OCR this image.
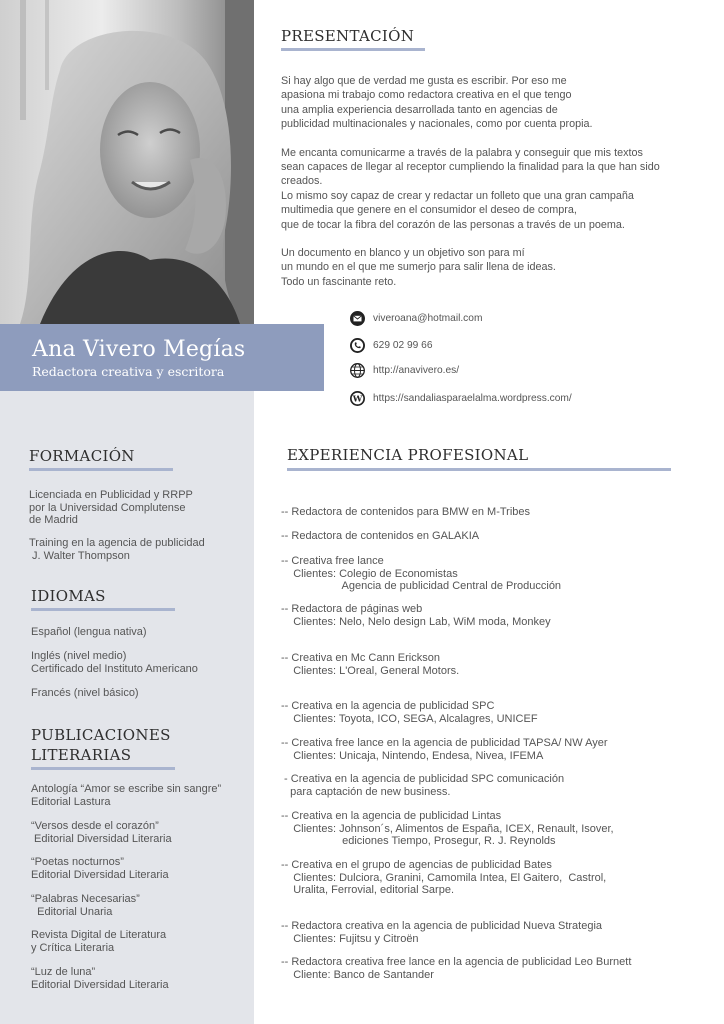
Ana Vivero Megías
Redactora creativa y escritora
PRESENTACIÓN

Si hay algo que de verdad me gusta es escribir. Por eso me
apasiona mi trabajo como redactora creativa en el que tengo
una amplia experiencia desarrollada tanto en agencias de
publicidad multinacionales y nacionales, como por cuenta propia.

Me encanta comunicarme a través de la palabra y conseguir que mis textos
sean capaces de llegar al receptor cumpliendo la finalidad para la que han sido
creados.
Lo mismo soy capaz de crear y redactar un folleto que una gran campaña
multimedia que genere en el consumidor el deseo de compra,
que de tocar la fibra del corazón de las personas a través de un poema.

Un documento en blanco y un objetivo son para mí
un mundo en el que me sumerjo para salir llena de ideas.
Todo un fascinante reto.

viveroana@hotmail.com
629 02 99 66
http://anavivero.es/
W https://sandaliasparaelalma.wordpress.com/
FORMACIÓN
Licenciada en Publicidad y RRPP
por la Universidad Complutense
de Madrid
Training en la agencia de publicidad
J. Walter Thompson
IDIOMAS
Español (lengua nativa)
Inglés (nivel medio)
Certificado del Instituto Americano
Francés (nivel básico)
PUBLICACIONES
LITERARIAS
Antología “Amor se escribe sin sangre”
Editorial Lastura
“Versos desde el corazón”
Editorial Diversidad Literaria
“Poetas nocturnos”
Editorial Diversidad Literaria
“Palabras Necesarias”
Editorial Unaria
Revista Digital de Literatura
y Crítica Literaria
“Luz de luna”
Editorial Diversidad Literaria
EXPERIENCIA PROFESIONAL
-- Redactora de contenidos para BMW en M-Tribes
-- Redactora de contenidos en GALAKIA
-- Creativa free lance
Clientes: Colegio de Economistas
Agencia de publicidad Central de Producción
-- Redactora de páginas web
Clientes: Nelo, Nelo design Lab, WiM moda, Monkey
-- Creativa en Mc Cann Erickson
Clientes: L'Oreal, General Motors.
-- Creativa en la agencia de publicidad SPC
Clientes: Toyota, ICO, SEGA, Alcalagres, UNICEF
-- Creativa free lance en la agencia de publicidad TAPSA/ NW Ayer
Clientes: Unicaja, Nintendo, Endesa, Nivea, IFEMA
- Creativa en la agencia de publicidad SPC comunicación
para captación de new business.
-- Creativa en la agencia de publicidad Lintas
Clientes: Johnson´s, Alimentos de España, ICEX, Renault, Isover,
ediciones Tiempo, Prosegur, R. J. Reynolds
-- Creativa en el grupo de agencias de publicidad Bates
Clientes: Dulciora, Granini, Camomila Intea, El Gaitero,  Castrol,
Uralita, Ferrovial, editorial Sarpe.
-- Redactora creativa en la agencia de publicidad Nueva Strategia
Clientes: Fujitsu y Citroën
-- Redactora creativa free lance en la agencia de publicidad Leo Burnett
Cliente: Banco de Santander
